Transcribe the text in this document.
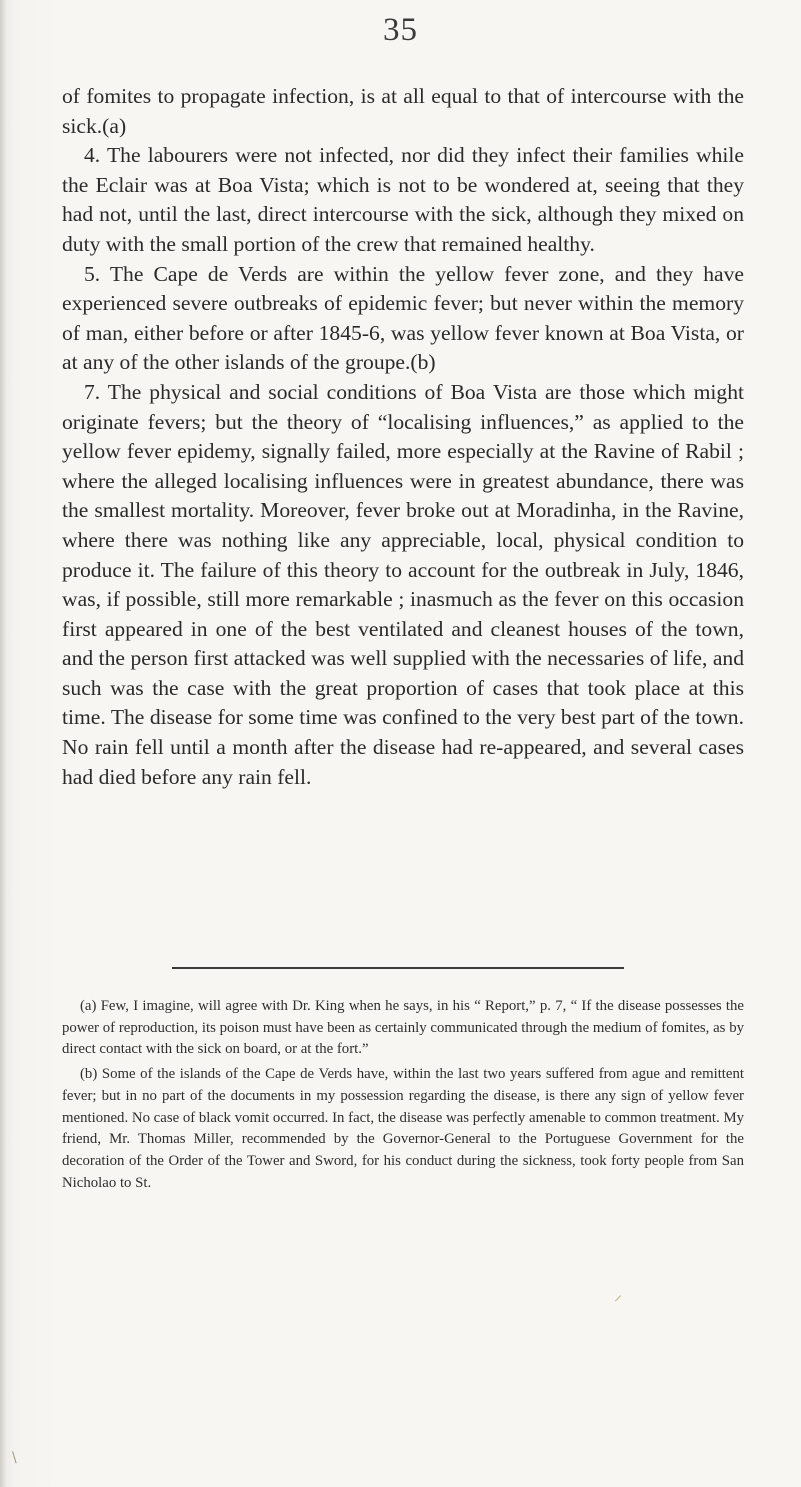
35

of fomites to propagate infection, is at all equal to that of intercourse with the sick.(a)

4. The labourers were not infected, nor did they infect their families while the Eclair was at Boa Vista; which is not to be wondered at, seeing that they had not, until the last, direct intercourse with the sick, although they mixed on duty with the small portion of the crew that remained healthy.

5. The Cape de Verds are within the yellow fever zone, and they have experienced severe outbreaks of epidemic fever; but never within the memory of man, either before or after 1845-6, was yellow fever known at Boa Vista, or at any of the other islands of the groupe.(b)

7. The physical and social conditions of Boa Vista are those which might originate fevers; but the theory of “localising influences,” as applied to the yellow fever epidemy, signally failed, more especially at the Ravine of Rabil ; where the alleged localising influences were in greatest abundance, there was the smallest mortality. Moreover, fever broke out at Moradinha, in the Ravine, where there was nothing like any appreciable, local, physical condition to produce it. The failure of this theory to account for the outbreak in July, 1846, was, if possible, still more remarkable ; inasmuch as the fever on this occasion first appeared in one of the best ventilated and cleanest houses of the town, and the person first attacked was well supplied with the necessaries of life, and such was the case with the great proportion of cases that took place at this time. The disease for some time was confined to the very best part of the town. No rain fell until a month after the disease had re-appeared, and several cases had died before any rain fell.

(a) Few, I imagine, will agree with Dr. King when he says, in his “ Report,” p. 7, “ If the disease possesses the power of reproduction, its poison must have been as certainly communicated through the medium of fomites, as by direct contact with the sick on board, or at the fort.”

(b) Some of the islands of the Cape de Verds have, within the last two years suffered from ague and remittent fever; but in no part of the documents in my possession regarding the disease, is there any sign of yellow fever mentioned. No case of black vomit occurred. In fact, the disease was perfectly amenable to common treatment. My friend, Mr. Thomas Miller, recommended by the Governor-General to the Portuguese Government for the decoration of the Order of the Tower and Sword, for his conduct during the sickness, took forty people from San Nicholao to St.

⸝
\
